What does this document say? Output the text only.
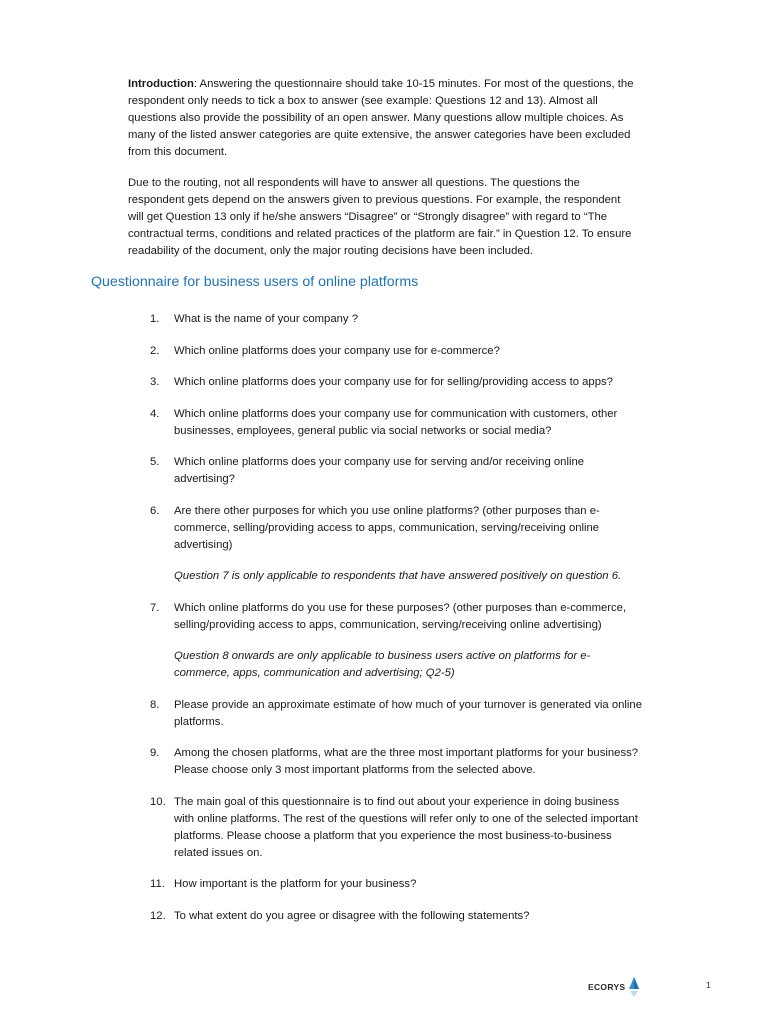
Introduction: Answering the questionnaire should take 10-15 minutes. For most of the questions, the respondent only needs to tick a box to answer (see example: Questions 12 and 13). Almost all questions also provide the possibility of an open answer. Many questions allow multiple choices. As many of the listed answer categories are quite extensive, the answer categories have been excluded from this document.

Due to the routing, not all respondents will have to answer all questions. The questions the respondent gets depend on the answers given to previous questions. For example, the respondent will get Question 13 only if he/she answers “Disagree” or “Strongly disagree” with regard to “The contractual terms, conditions and related practices of the platform are fair.” in Question 12. To ensure readability of the document, only the major routing decisions have been included.

Questionnaire for business users of online platforms
1.	What is the name of your company ?
2.	Which online platforms does your company use for e-commerce?
3.	Which online platforms does your company use for for selling/providing access to apps?
4.	Which online platforms does your company use for communication with customers, other businesses, employees, general public via social networks or social media?
5.	Which online platforms does your company use for serving and/or receiving online advertising?
6.	Are there other purposes for which you use online platforms? (other purposes than e-commerce, selling/providing access to apps, communication, serving/receiving online advertising)
Question 7 is only applicable to respondents that have answered positively on question 6.
7.	Which online platforms do you use for these purposes? (other purposes than e-commerce, selling/providing access to apps, communication, serving/receiving online advertising)
Question 8 onwards are only applicable to business users active on platforms for e-commerce, apps, communication and advertising; Q2-5)
8.	Please provide an approximate estimate of how much of your turnover is generated via online platforms.
9.	Among the chosen platforms, what are the three most important platforms for your business? Please choose only 3 most important platforms from the selected above.
10. The main goal of this questionnaire is to find out about your experience in doing business with online platforms. The rest of the questions will refer only to one of the selected important platforms. Please choose a platform that you experience the most business-to-business related issues on.
11. How important is the platform for your business?
12. To what extent do you agree or disagree with the following statements?
ECORYS	1
